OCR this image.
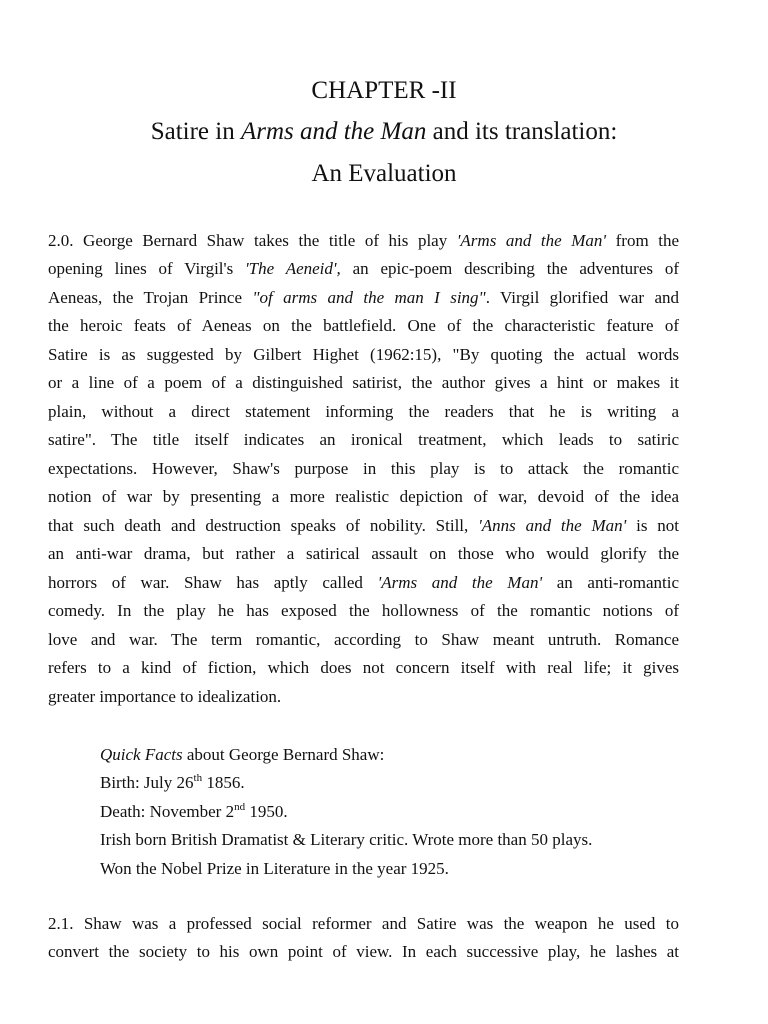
CHAPTER -II
Satire in Arms and the Man and its translation:
An Evaluation
2.0. George Bernard Shaw takes the title of his play 'Arms and the Man' from the
opening lines of Virgil's 'The Aeneid', an epic-poem describing the adventures of
Aeneas, the Trojan Prince "of arms and the man I sing". Virgil glorified war and
the heroic feats of Aeneas on the battlefield. One of the characteristic feature of
Satire is as suggested by Gilbert Highet (1962:15), "By quoting the actual words
or a line of a poem of a distinguished satirist, the author gives a hint or makes it
plain, without a direct statement informing the readers that he is writing a
satire". The title itself indicates an ironical treatment, which leads to satiric
expectations. However, Shaw's purpose in this play is to attack the romantic
notion of war by presenting a more realistic depiction of war, devoid of the idea
that such death and destruction speaks of nobility. Still, 'Anns and the Man' is not
an anti-war drama, but rather a satirical assault on those who would glorify the
horrors of war. Shaw has aptly called 'Arms and the Man' an anti-romantic
comedy. In the play he has exposed the hollowness of the romantic notions of
love and war. The term romantic, according to Shaw meant untruth. Romance
refers to a kind of fiction, which does not concern itself with real life; it gives
greater importance to idealization.
Quick Facts about George Bernard Shaw:
Birth: July 26th 1856.
Death: November 2nd 1950.
Irish born British Dramatist & Literary critic. Wrote more than 50 plays.
Won the Nobel Prize in Literature in the year 1925.
2.1. Shaw was a professed social reformer and Satire was the weapon he used to
convert the society to his own point of view. In each successive play, he lashes at
